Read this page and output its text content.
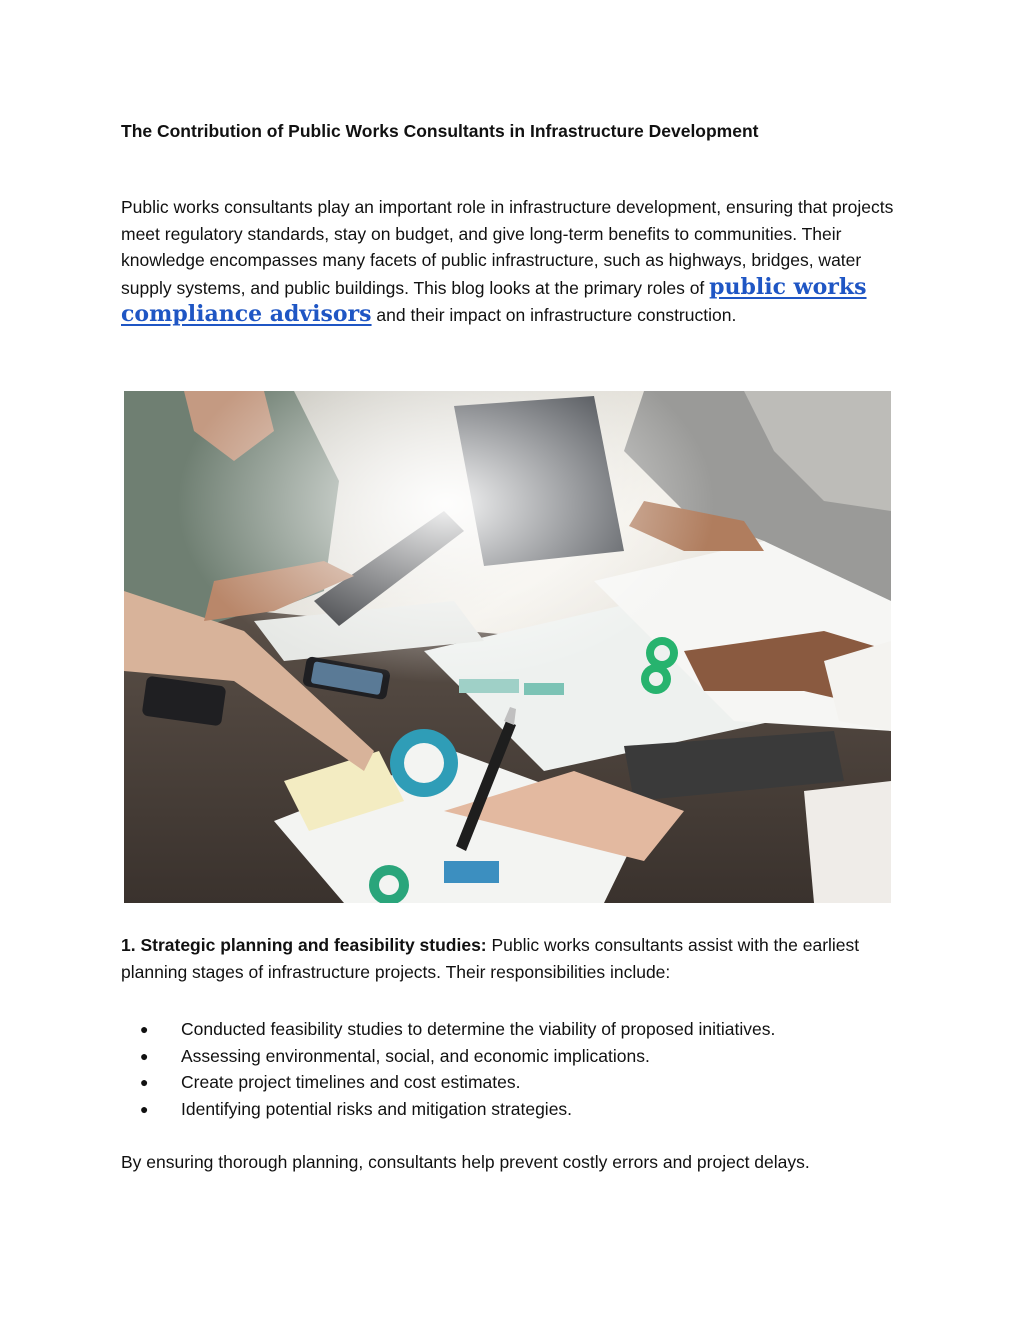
The Contribution of Public Works Consultants in Infrastructure Development

Public works consultants play an important role in infrastructure development, ensuring that projects meet regulatory standards, stay on budget, and give long-term benefits to communities. Their knowledge encompasses many facets of public infrastructure, such as highways, bridges, water supply systems, and public buildings. This blog looks at the primary roles of public works compliance advisors and their impact on infrastructure construction.

1. Strategic planning and feasibility studies: Public works consultants assist with the earliest planning stages of infrastructure projects. Their responsibilities include:

● Conducted feasibility studies to determine the viability of proposed initiatives.
● Assessing environmental, social, and economic implications.
● Create project timelines and cost estimates.
● Identifying potential risks and mitigation strategies.

By ensuring thorough planning, consultants help prevent costly errors and project delays.
